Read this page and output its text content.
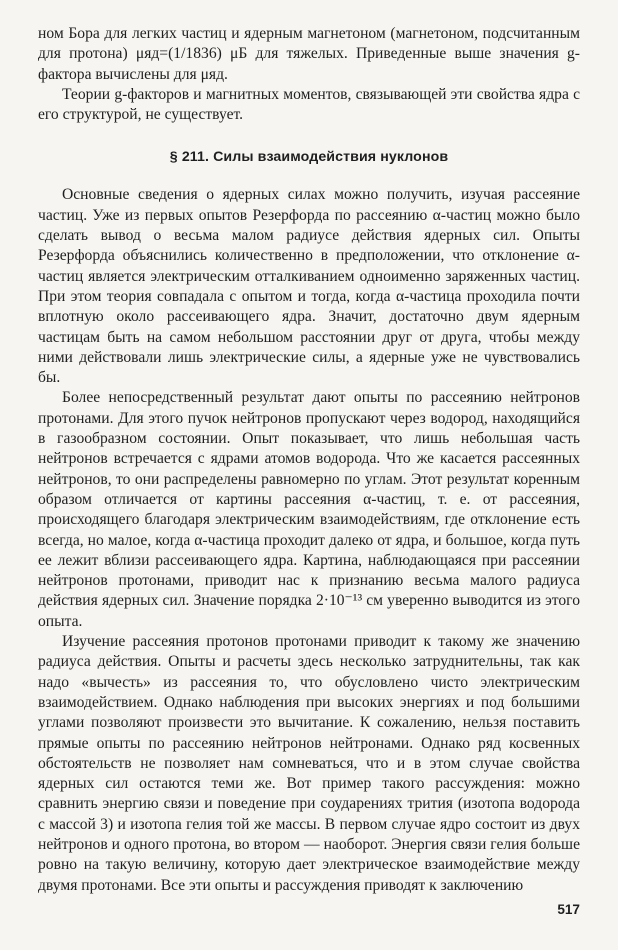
ном Бора для легких частиц и ядерным магнетоном (магнетоном, подсчитанным для протона) μяд=(1/1836) μБ для тяжелых. Приведенные выше значения g-фактора вычислены для μяд.

Теории g-факторов и магнитных моментов, связывающей эти свойства ядра с его структурой, не существует.

§ 211. Силы взаимодействия нуклонов

Основные сведения о ядерных силах можно получить, изучая рассеяние частиц. Уже из первых опытов Резерфорда по рассеянию α-частиц можно было сделать вывод о весьма малом радиусе действия ядерных сил. Опыты Резерфорда объяснились количественно в предположении, что отклонение α-частиц является электрическим отталкиванием одноименно заряженных частиц. При этом теория совпадала с опытом и тогда, когда α-частица проходила почти вплотную около рассеивающего ядра. Значит, достаточно двум ядерным частицам быть на самом небольшом расстоянии друг от друга, чтобы между ними действовали лишь электрические силы, а ядерные уже не чувствовались бы.

Более непосредственный результат дают опыты по рассеянию нейтронов протонами. Для этого пучок нейтронов пропускают через водород, находящийся в газообразном состоянии. Опыт показывает, что лишь небольшая часть нейтронов встречается с ядрами атомов водорода. Что же касается рассеянных нейтронов, то они распределены равномерно по углам. Этот результат коренным образом отличается от картины рассеяния α-частиц, т. е. от рассеяния, происходящего благодаря электрическим взаимодействиям, где отклонение есть всегда, но малое, когда α-частица проходит далеко от ядра, и большое, когда путь ее лежит вблизи рассеивающего ядра. Картина, наблюдающаяся при рассеянии нейтронов протонами, приводит нас к признанию весьма малого радиуса действия ядерных сил. Значение порядка 2·10⁻¹³ см уверенно выводится из этого опыта.

Изучение рассеяния протонов протонами приводит к такому же значению радиуса действия. Опыты и расчеты здесь несколько затруднительны, так как надо «вычесть» из рассеяния то, что обусловлено чисто электрическим взаимодействием. Однако наблюдения при высоких энергиях и под большими углами позволяют произвести это вычитание. К сожалению, нельзя поставить прямые опыты по рассеянию нейтронов нейтронами. Однако ряд косвенных обстоятельств не позволяет нам сомневаться, что и в этом случае свойства ядерных сил остаются теми же. Вот пример такого рассуждения: можно сравнить энергию связи и поведение при соударениях трития (изотопа водорода с массой 3) и изотопа гелия той же массы. В первом случае ядро состоит из двух нейтронов и одного протона, во втором — наоборот. Энергия связи гелия больше ровно на такую величину, которую дает электрическое взаимодействие между двумя протонами. Все эти опыты и рассуждения приводят к заключению

517
